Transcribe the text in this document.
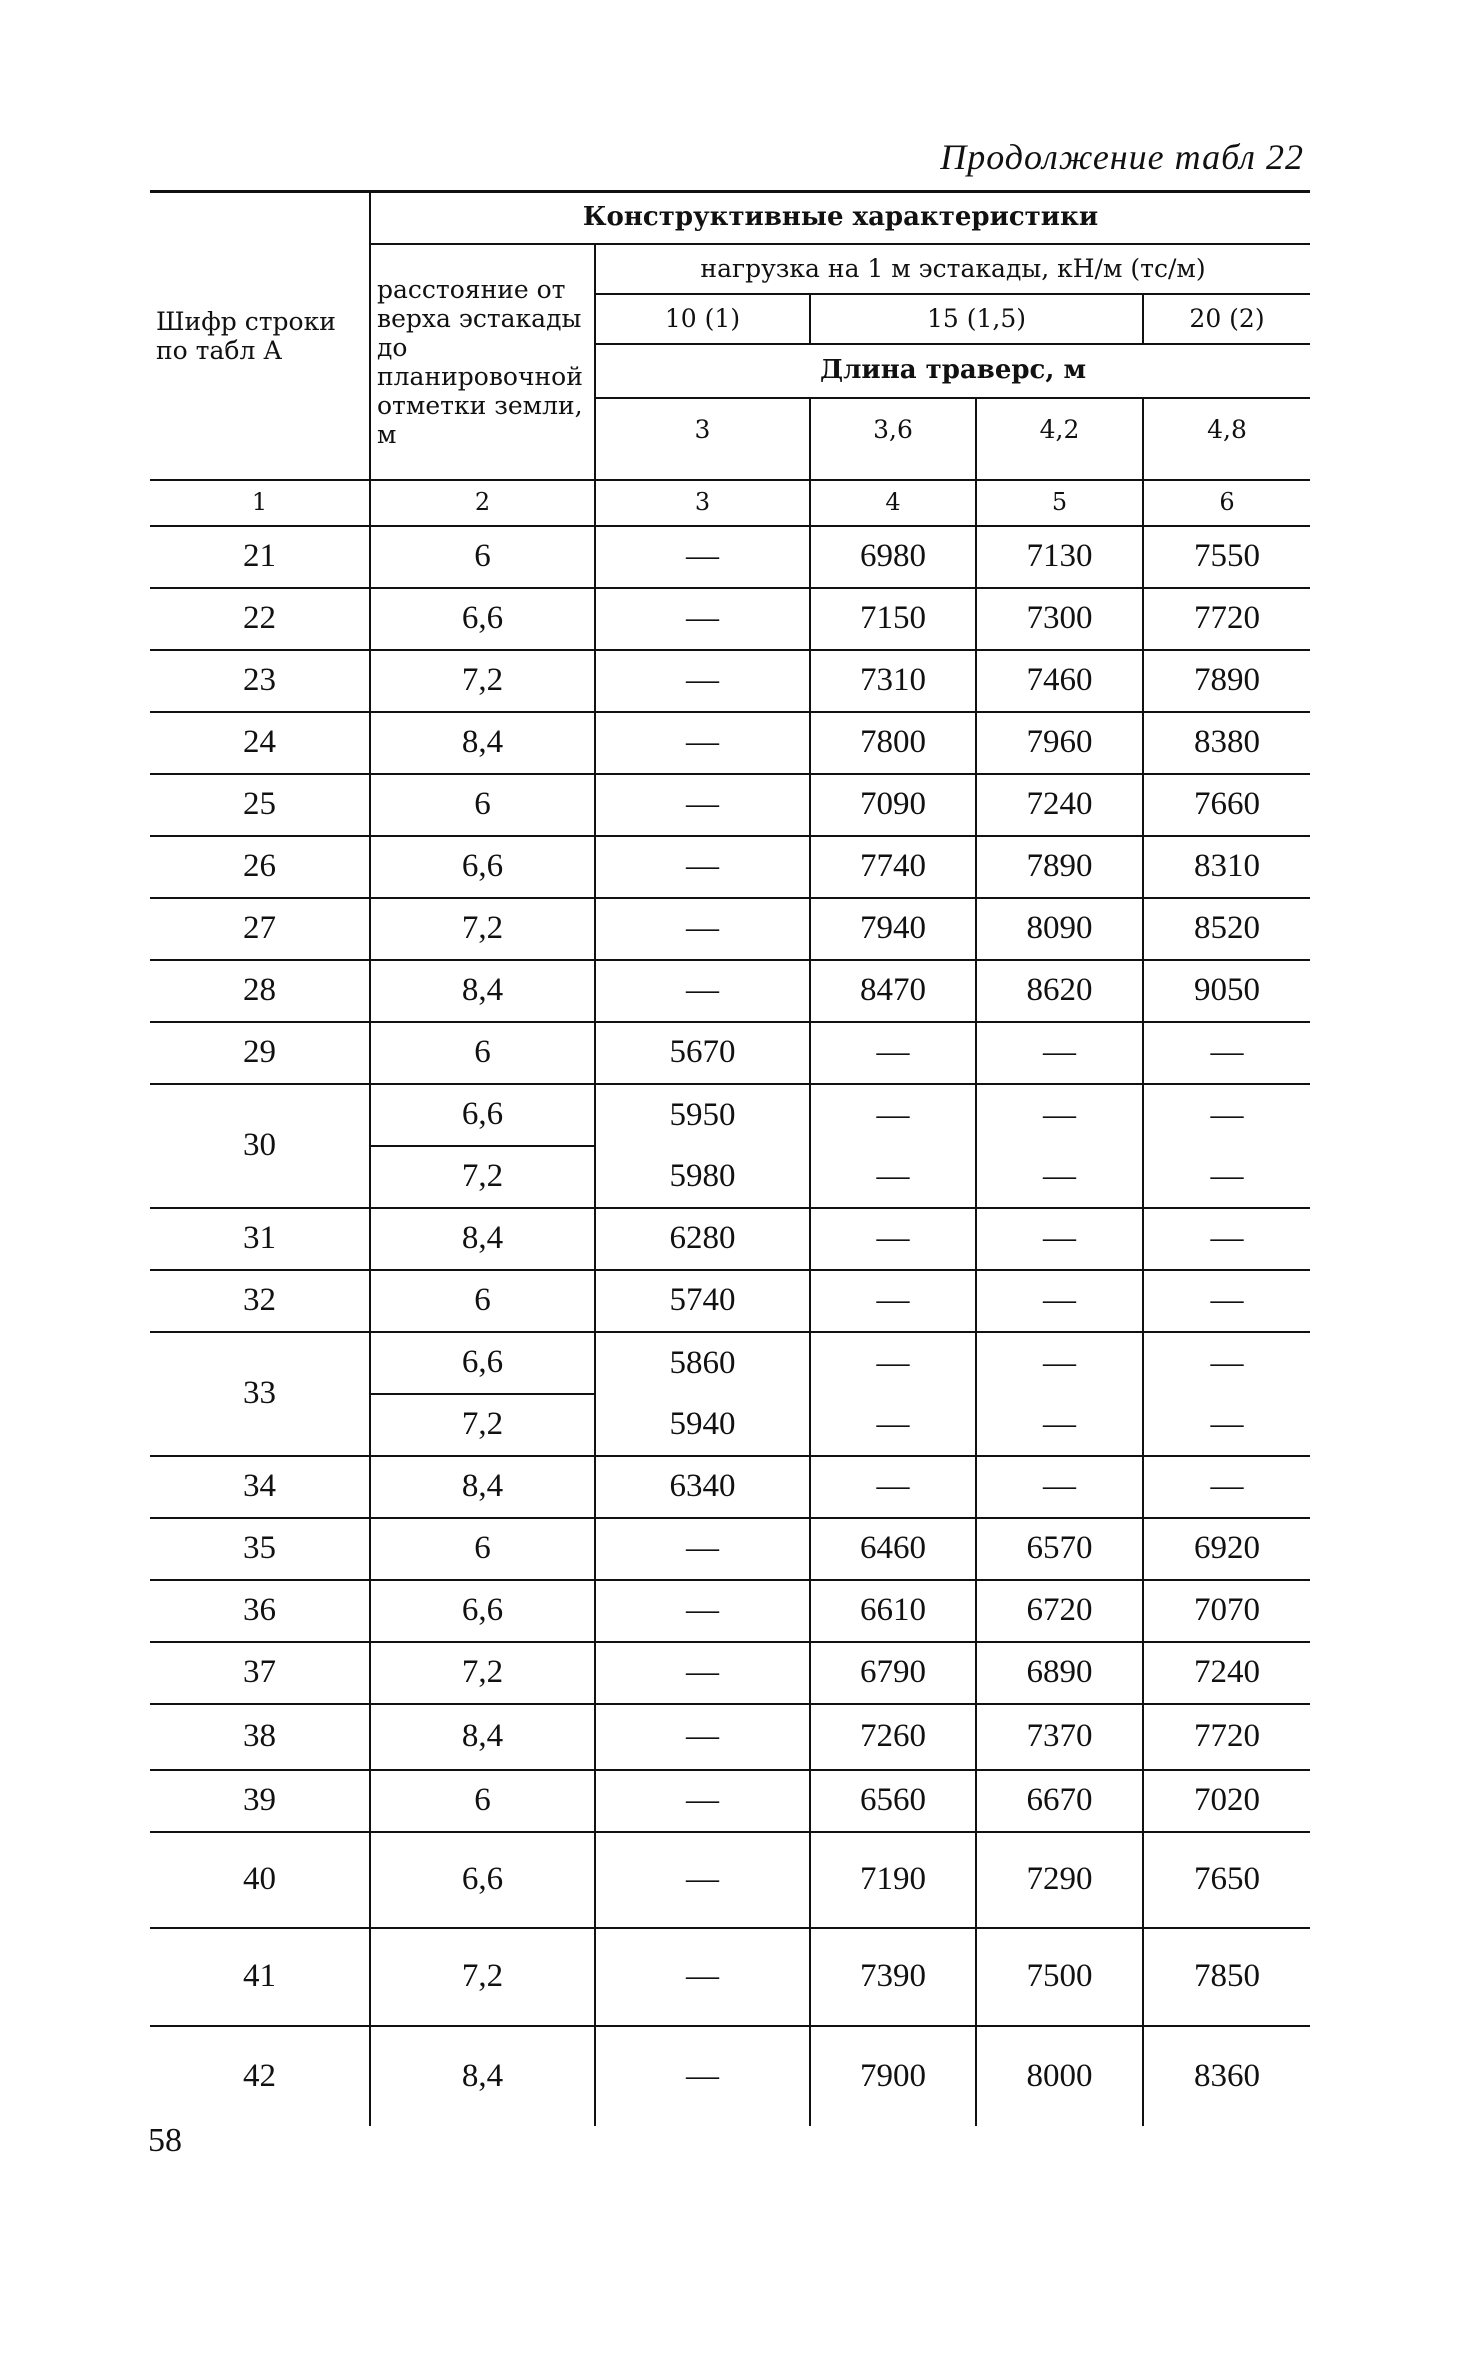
Продолжение табл 22
Шифр строки по табл А	Конструктивные характеристики				
	расстояние от верха эстакады до планировочной отметки земли, м	нагрузка на 1 м эстакады, кН/м (тс/м)			
		10 (1)	15 (1,5)		20 (2)
		Длина траверс, м			
		3	3,6	4,2	4,8

1	2	3	4	5	6
21	6	—	6980	7130	7550
22	6,6	—	7150	7300	7720
23	7,2	—	7310	7460	7890
24	8,4	—	7800	7960	8380
25	6	—	7090	7240	7660
26	6,6	—	7740	7890	8310
27	7,2	—	7940	8090	8520
28	8,4	—	8470	8620	9050
29	6	5670	—	—	—
30	6,6	5950	—	—	—
	7,2	5980	—	—	—
31	8,4	6280	—	—	—
32	6	5740	—	—	—
33	6,6	5860	—	—	—
	7,2	5940	—	—	—
34	8,4	6340	—	—	—
35	6	—	6460	6570	6920
36	6,6	—	6610	6720	7070
37	7,2	—	6790	6890	7240
38	8,4	—	7260	7370	7720
39	6	—	6560	6670	7020
40	6,6	—	7190	7290	7650
41	7,2	—	7390	7500	7850
42	8,4	—	7900	8000	8360
58
